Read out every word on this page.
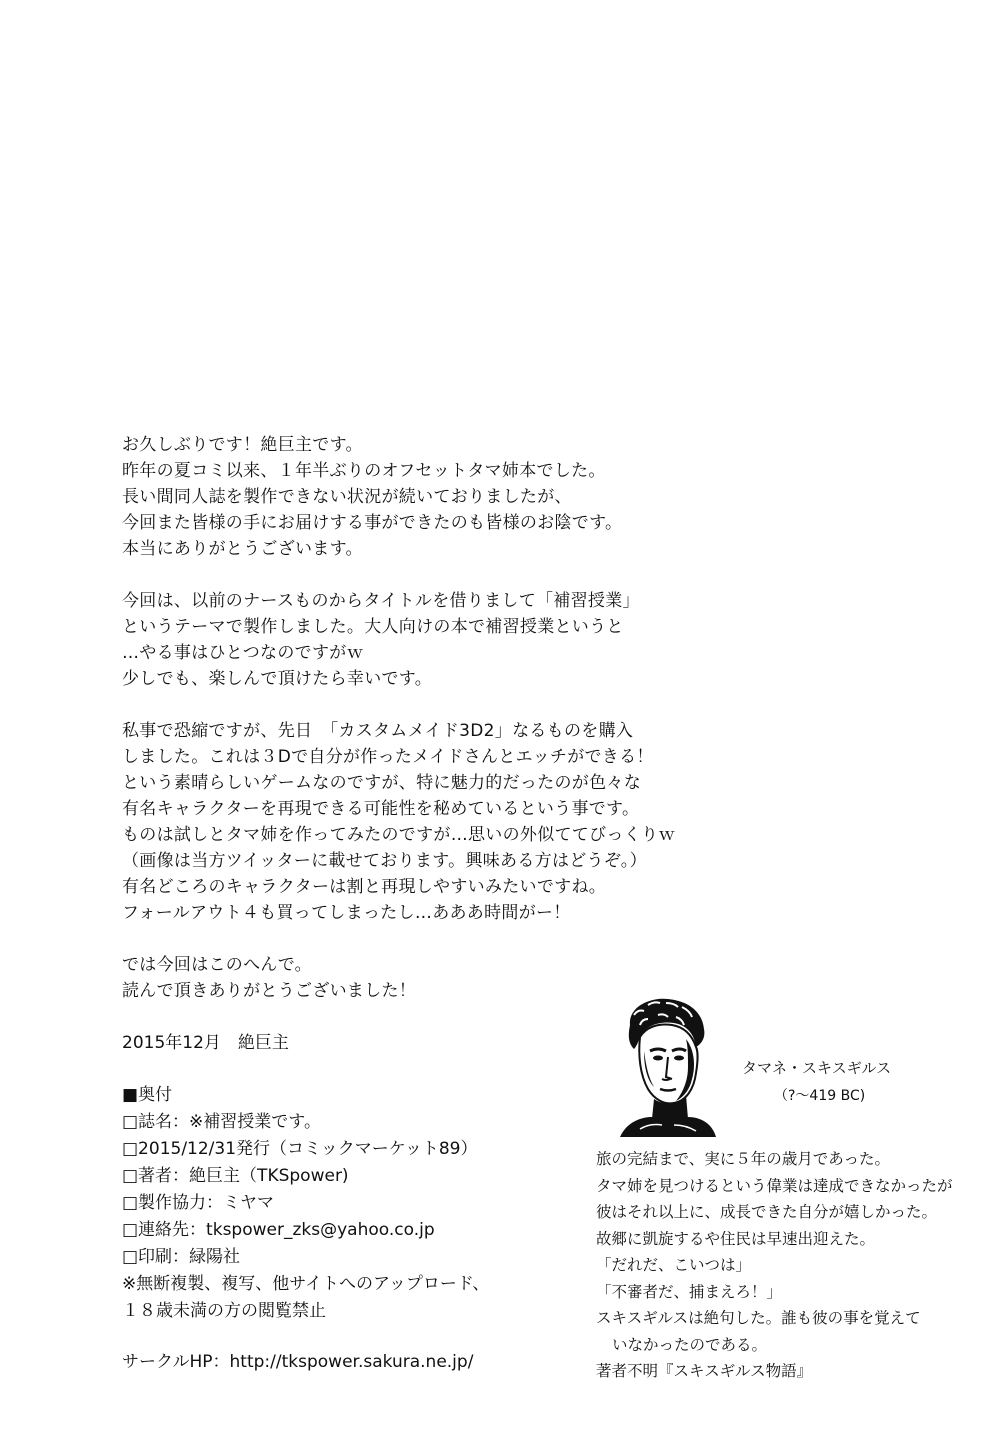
お久しぶりです！絶巨主です。

昨年の夏コミ以来、１年半ぶりのオフセットタマ姉本でした。

長い間同人誌を製作できない状況が続いておりましたが、

今回また皆様の手にお届けする事ができたのも皆様のお陰です。

本当にありがとうございます。

今回は、以前のナースものからタイトルを借りまして「補習授業」

というテーマで製作しました。大人向けの本で補習授業というと

…やる事はひとつなのですがｗ

少しでも、楽しんで頂けたら幸いです。

私事で恐縮ですが、先日　「カスタムメイド3D2」なるものを購入

しました。これは３Dで自分が作ったメイドさんとエッチができる！

という素晴らしいゲームなのですが、特に魅力的だったのが色々な

有名キャラクターを再現できる可能性を秘めているという事です。

ものは試しとタマ姉を作ってみたのですが…思いの外似ててびっくりｗ

（画像は当方ツイッターに載せております。興味ある方はどうぞ。）

有名どころのキャラクターは割と再現しやすいみたいですね。

フォールアウト４も買ってしまったし…あああ時間がー！

では今回はこのへんで。

読んで頂きありがとうございました！

2015年12月　絶巨主

■奥付

□誌名：※補習授業です。

□2015/12/31発行（コミックマーケット89）

□著者：絶巨主（TKSpower)

□製作協力：ミヤマ

□連絡先：tkspower_zks@yahoo.co.jp

□印刷：緑陽社

※無断複製、複写、他サイトへのアップロード、

１８歳未満の方の閲覧禁止

サークルHP：http://tkspower.sakura.ne.jp/
タマネ・スキスギルス
（?～419 BC)

旅の完結まで、実に５年の歳月であった。

タマ姉を見つけるという偉業は達成できなかったが

彼はそれ以上に、成長できた自分が嬉しかった。

故郷に凱旋するや住民は早速出迎えた。

「だれだ、こいつは」

「不審者だ、捕まえろ！」

スキスギルスは絶句した。誰も彼の事を覚えて

いなかったのである。

著者不明『スキスギルス物語』
